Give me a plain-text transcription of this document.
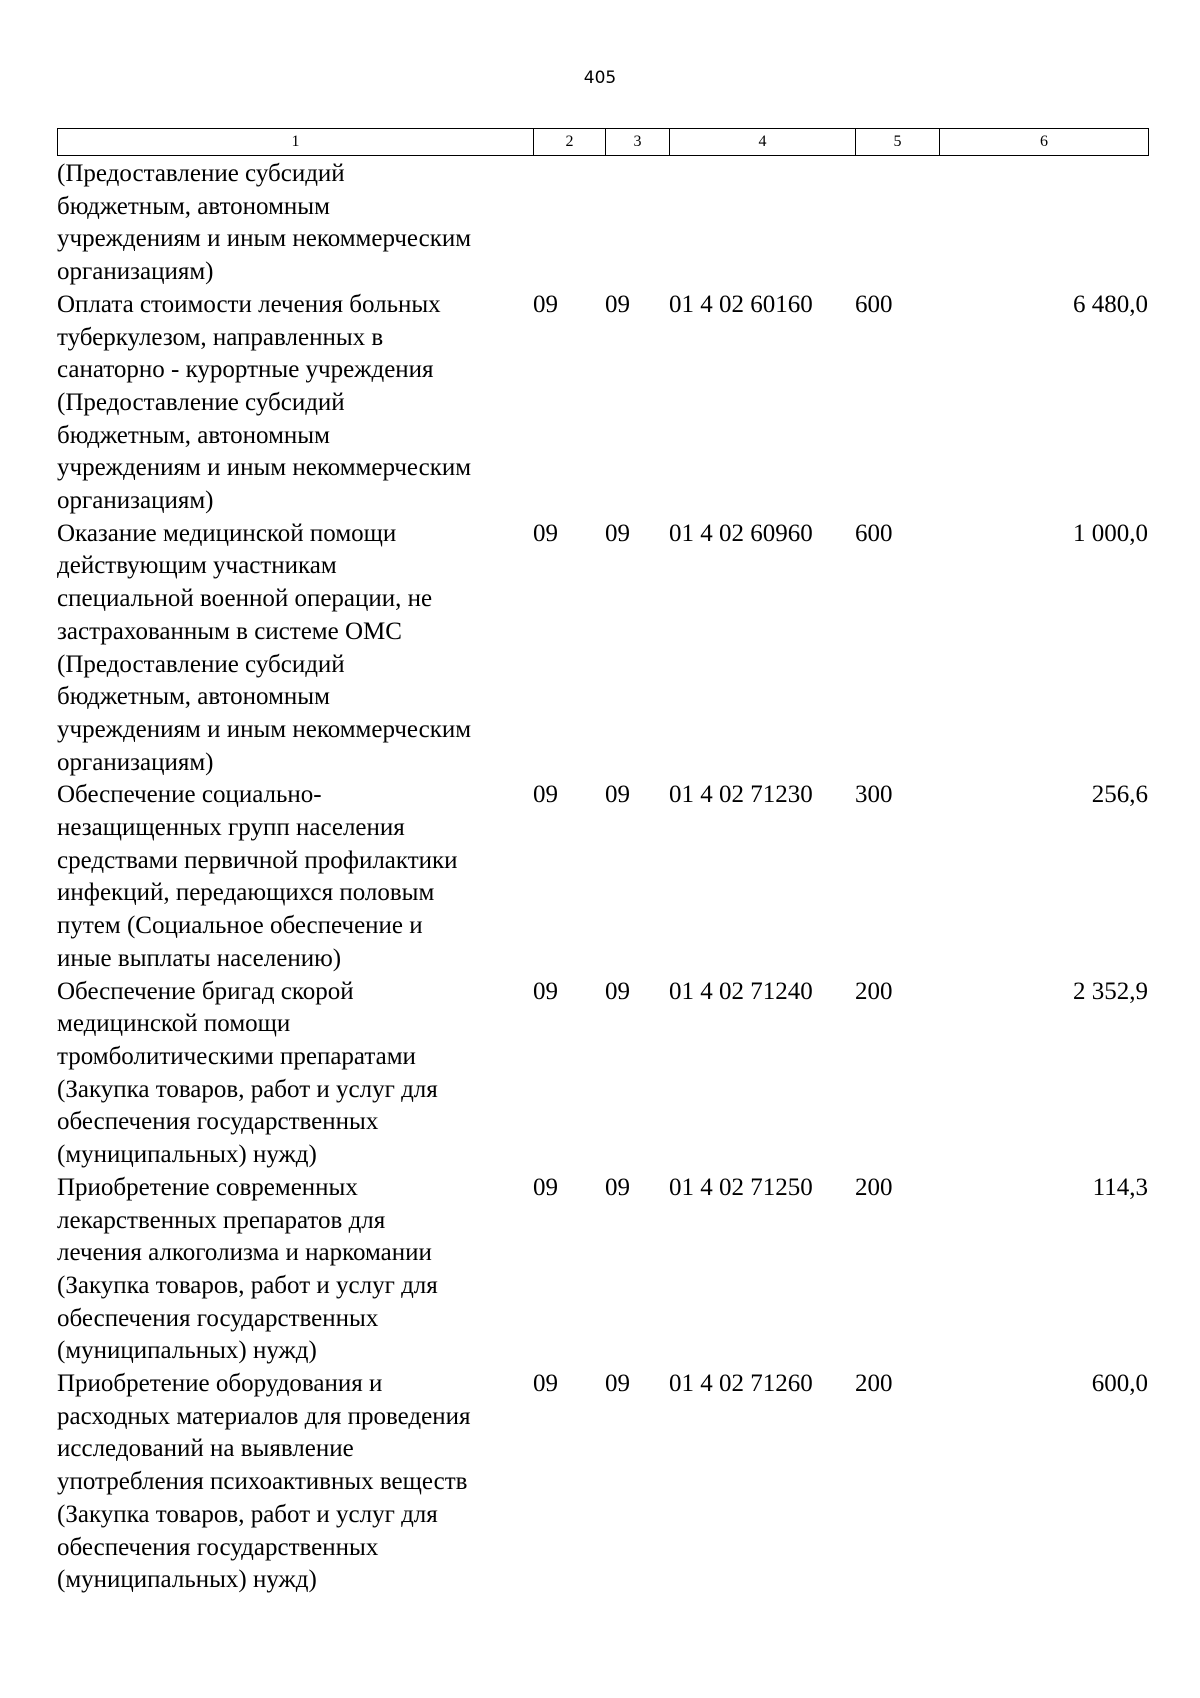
405
1	2	3	4	5	6
(Предоставление субсидий
бюджетным, автономным
учреждениям и иным некоммерческим
организациям)
Оплата стоимости лечения больных
туберкулезом, направленных в
санаторно - курортные учреждения
(Предоставление субсидий
бюджетным, автономным
учреждениям и иным некоммерческим
организациям)
09	09	01 4 02 60160	600	6 480,0
Оказание медицинской помощи
действующим участникам
специальной военной операции, не
застрахованным в системе ОМС
(Предоставление субсидий
бюджетным, автономным
учреждениям и иным некоммерческим
организациям)
09	09	01 4 02 60960	600	1 000,0
Обеспечение социально-
незащищенных групп населения
средствами первичной профилактики
инфекций, передающихся половым
путем (Социальное обеспечение и
иные выплаты населению)
09	09	01 4 02 71230	300	256,6
Обеспечение бригад скорой
медицинской помощи
тромболитическими препаратами
(Закупка товаров, работ и услуг для
обеспечения государственных
(муниципальных) нужд)
09	09	01 4 02 71240	200	2 352,9
Приобретение современных
лекарственных препаратов для
лечения алкоголизма и наркомании
(Закупка товаров, работ и услуг для
обеспечения государственных
(муниципальных) нужд)
09	09	01 4 02 71250	200	114,3
Приобретение оборудования и
расходных материалов для проведения
исследований на выявление
употребления психоактивных веществ
(Закупка товаров, работ и услуг для
обеспечения государственных
(муниципальных) нужд)
09	09	01 4 02 71260	200	600,0
